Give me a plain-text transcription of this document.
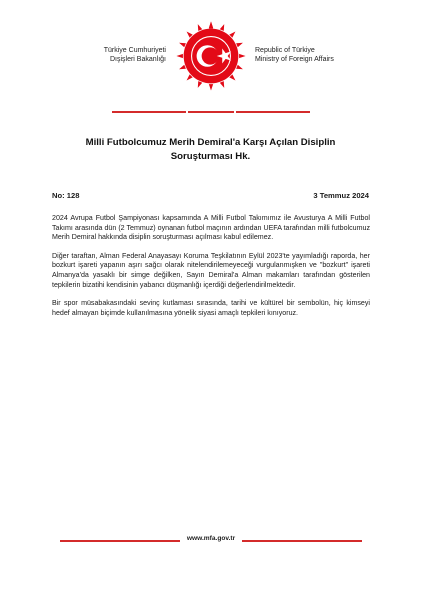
Türkiye Cumhuriyeti
Dışişleri Bakanlığı
Republic of Türkiye
Ministry of Foreign Affairs
Milli Futbolcumuz Merih Demiral'a Karşı Açılan Disiplin Soruşturması Hk.
No: 128	3 Temmuz 2024

2024 Avrupa Futbol Şampiyonası kapsamında A Milli Futbol Takımımız ile Avusturya A Milli Futbol Takımı arasında dün (2 Temmuz) oynanan futbol maçının ardından UEFA tarafından milli futbolcumuz Merih Demiral hakkında disiplin soruşturması açılması kabul edilemez.

Diğer taraftan, Alman Federal Anayasayı Koruma Teşkilatının Eylül 2023'te yayımladığı raporda, her bozkurt işareti yapanın aşırı sağcı olarak nitelendirilemeyeceği vurgulanmışken ve "bozkurt" işareti Almanya'da yasaklı bir simge değilken, Sayın Demiral'a Alman makamları tarafından gösterilen tepkilerin bizatihi kendisinin yabancı düşmanlığı içerdiği değerlendirilmektedir.

Bir spor müsabakasındaki sevinç kutlaması sırasında, tarihi ve kültürel bir sembolün, hiç kimseyi hedef almayan biçimde kullanılmasına yönelik siyasi amaçlı tepkileri kınıyoruz.

www.mfa.gov.tr
